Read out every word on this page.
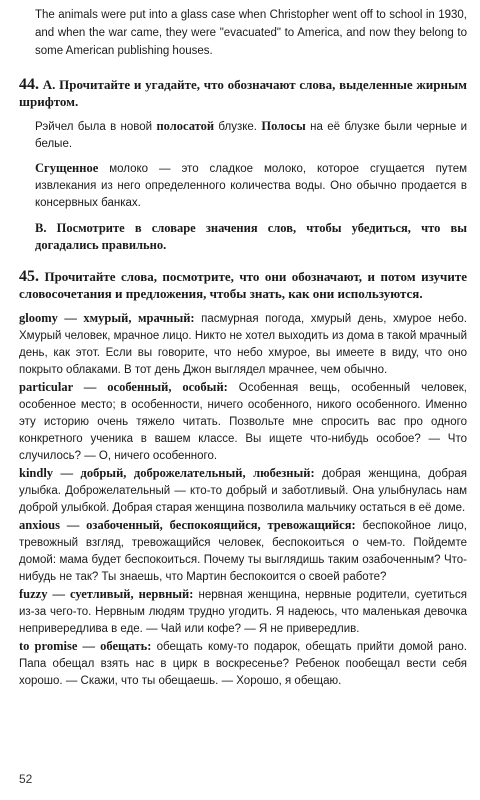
The animals were put into a glass case when Christopher went off to school in 1930, and when the war came, they were "evacuated" to America, and now they belong to some American publishing houses.

44. А. Прочитайте и угадайте, что обозначают слова, выделенные жирным шрифтом.

Рэйчел была в новой полосатой блузке. Полосы на её блузке были черные и белые.

Сгущенное молоко — это сладкое молоко, которое сгущается путем извлекания из него определенного количества воды. Оно обычно продается в консервных банках.

В. Посмотрите в словаре значения слов, чтобы убедиться, что вы догадались правильно.

45. Прочитайте слова, посмотрите, что они обозначают, и потом изучите словосочетания и предложения, чтобы знать, как они используются.

gloomy — хмурый, мрачный: пасмурная погода, хмурый день, хмурое небо. Хмурый человек, мрачное лицо. Никто не хотел выходить из дома в такой мрачный день, как этот. Если вы говорите, что небо хмурое, вы имеете в виду, что оно покрыто облаками. В тот день Джон выглядел мрачнее, чем обычно.

particular — особенный, особый: Особенная вещь, особенный человек, особенное место; в особенности, ничего особенного, никого особенного. Именно эту историю очень тяжело читать. Позвольте мне спросить вас про одного конкретного ученика в вашем классе. Вы ищете что-нибудь особое? — Что случилось? — О, ничего особенного.

kindly — добрый, доброжелательный, любезный: добрая женщина, добрая улыбка. Доброжелательный — кто-то добрый и заботливый. Она улыбнулась нам доброй улыбкой. Добрая старая женщина позволила мальчику остаться в её доме.

anxious — озабоченный, беспокоящийся, тревожащийся: беспокойное лицо, тревожный взгляд, тревожащийся человек, беспокоиться о чем-то. Пойдемте домой: мама будет беспокоиться. Почему ты выглядишь таким озабоченным? Что-нибудь не так? Ты знаешь, что Мартин беспокоится о своей работе?

fuzzy — суетливый, нервный: нервная женщина, нервные родители, суетиться из-за чего-то. Нервным людям трудно угодить. Я надеюсь, что маленькая девочка непривередлива в еде. — Чай или кофе? — Я не привередлив.

to promise — обещать: обещать кому-то подарок, обещать прийти домой рано. Папа обещал взять нас в цирк в воскресенье? Ребенок пообещал вести себя хорошо. — Скажи, что ты обещаешь. — Хорошо, я обещаю.

52
